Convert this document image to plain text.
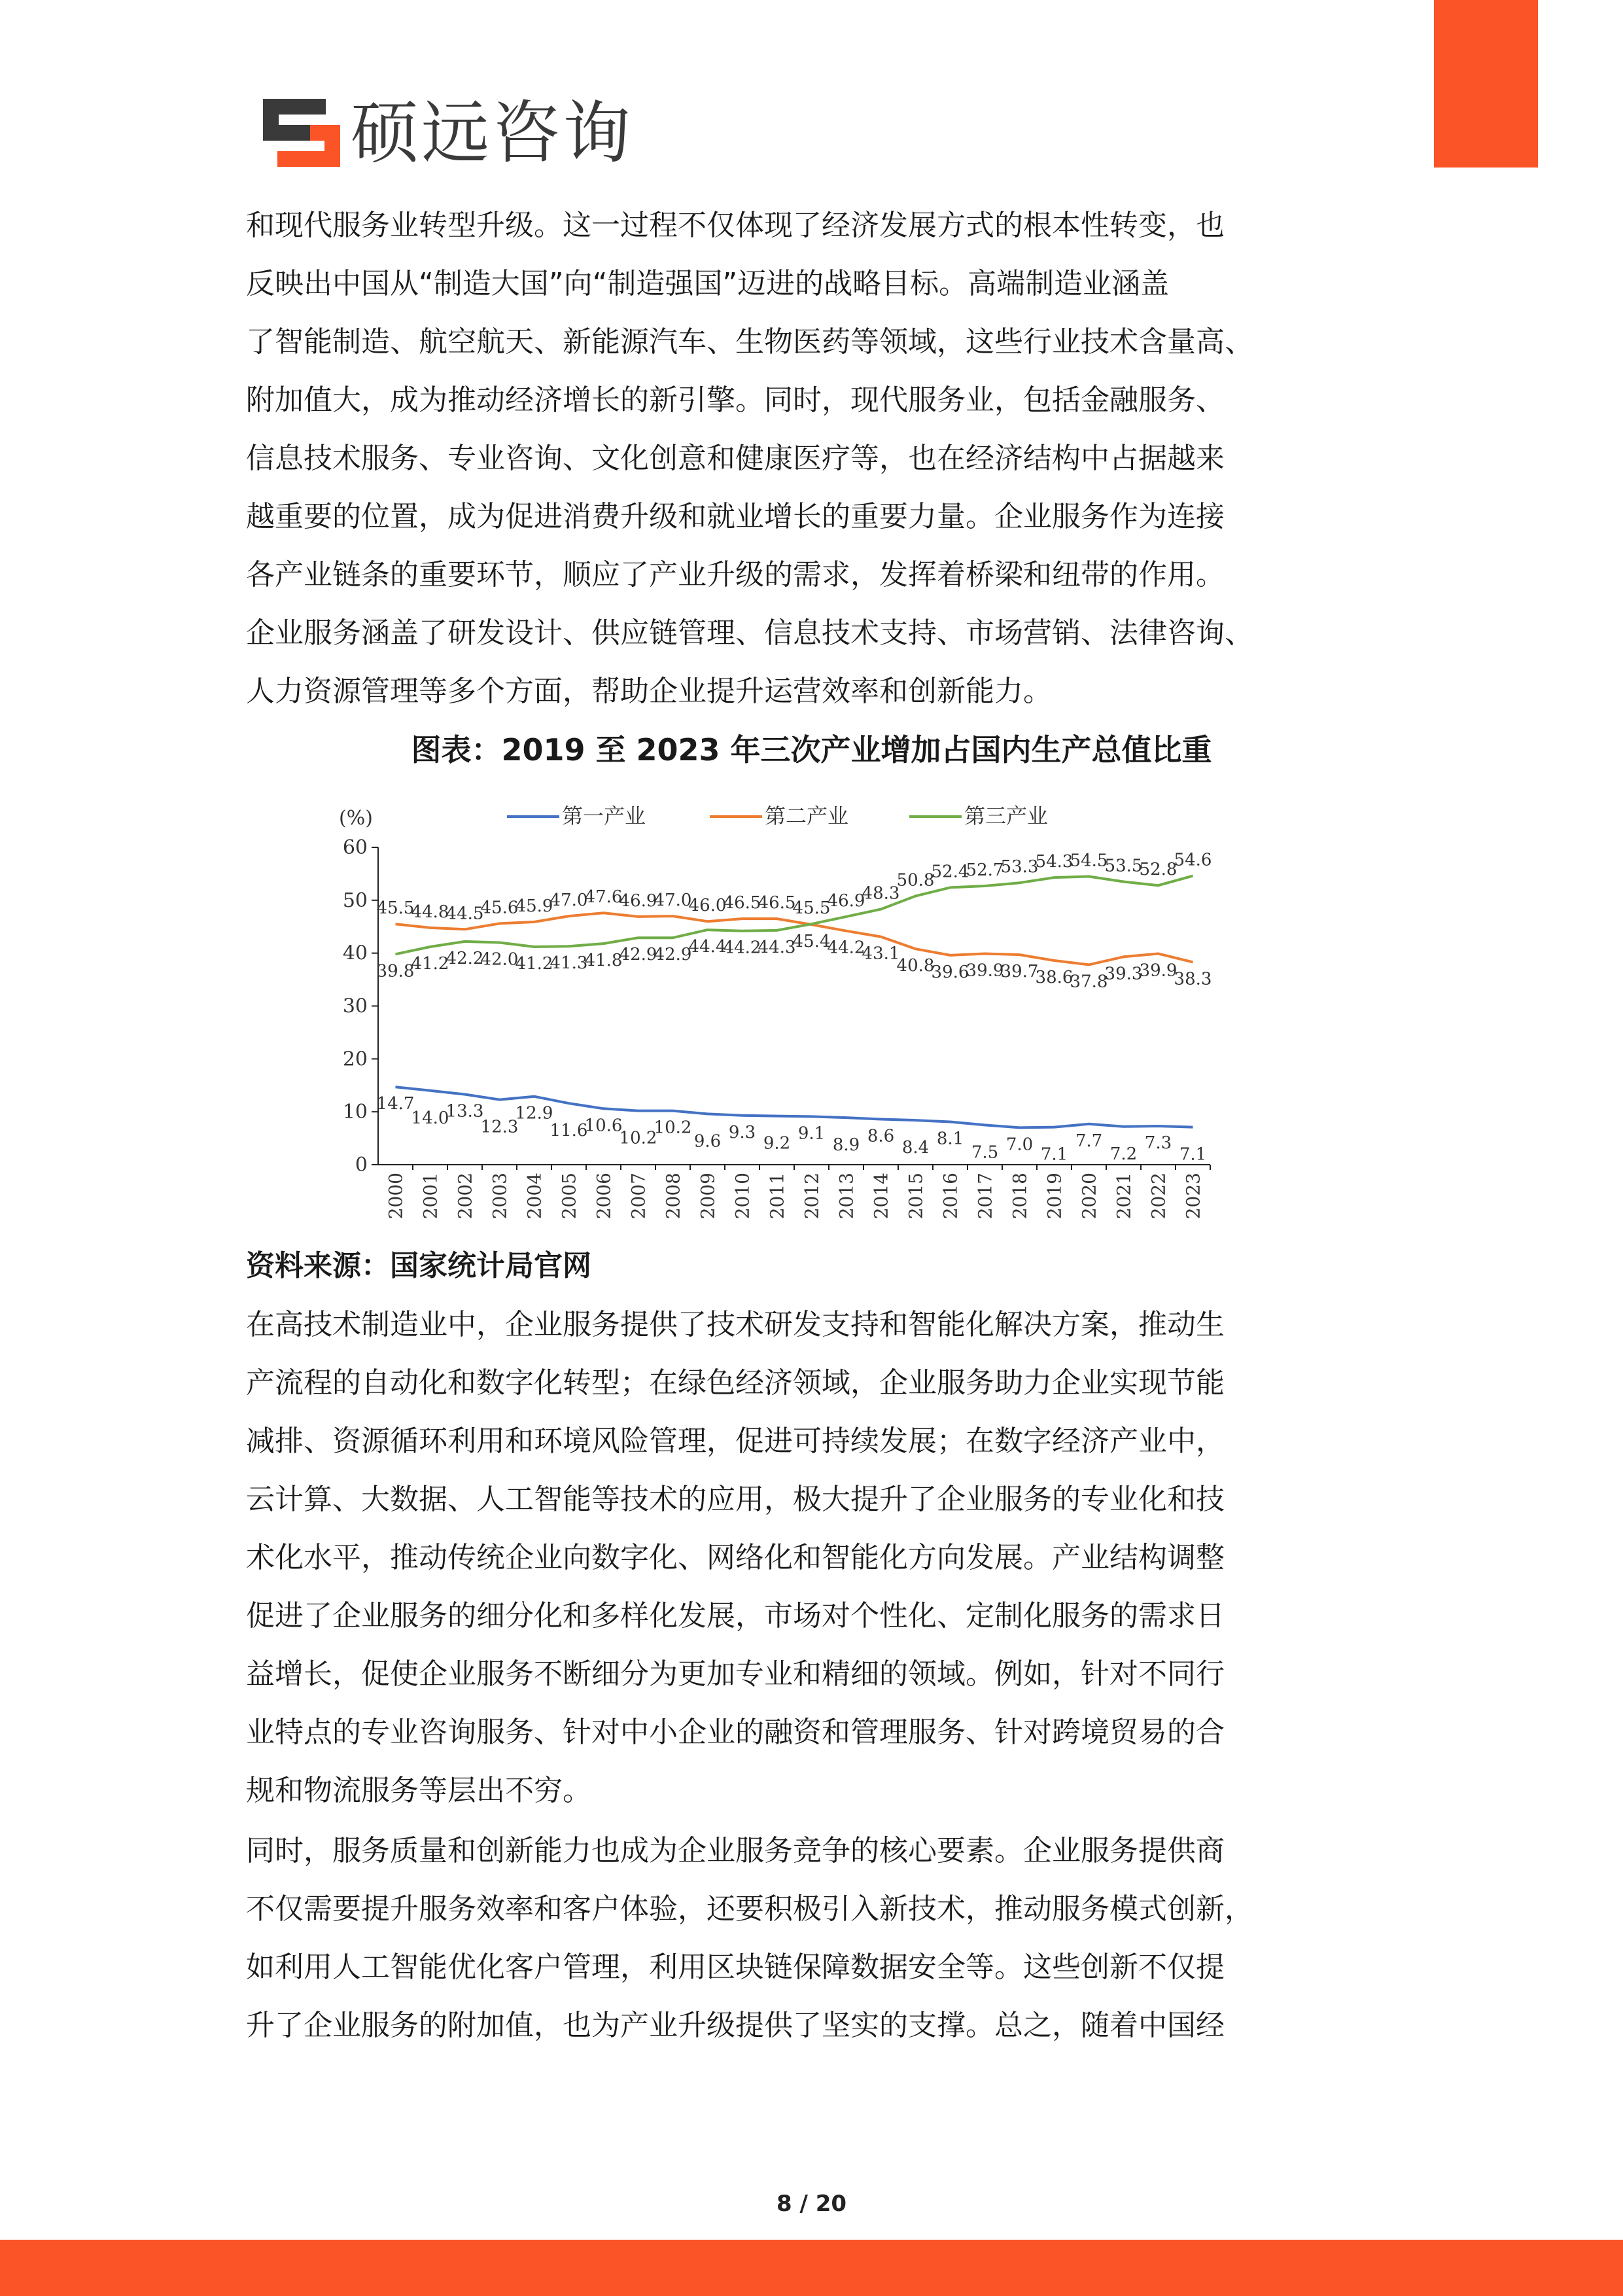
硕远咨询

和现代服务业转型升级。这一过程不仅体现了经济发展方式的根本性转变，也
反映出中国从“制造大国”向“制造强国”迈进的战略目标。高端制造业涵盖
了智能制造、航空航天、新能源汽车、生物医药等领域，这些行业技术含量高、
附加值大，成为推动经济增长的新引擎。同时，现代服务业，包括金融服务、
信息技术服务、专业咨询、文化创意和健康医疗等，也在经济结构中占据越来
越重要的位置，成为促进消费升级和就业增长的重要力量。企业服务作为连接
各产业链条的重要环节，顺应了产业升级的需求，发挥着桥梁和纽带的作用。
企业服务涵盖了研发设计、供应链管理、信息技术支持、市场营销、法律咨询、
人力资源管理等多个方面，帮助企业提升运营效率和创新能力。

图表：2019 至 2023 年三次产业增加占国内生产总值比重
第一产业	第二产业	第三产业
(%)
0
10
20
30
40
50
60
2000 2001 2002 2003 2004 2005 2006 2007 2008 2009 2010 2011 2012 2013 2014 2015 2016 2017 2018 2019 2020 2021 2022 2023
14.7
45.5
39.8
14.0
44.8
41.2
13.3
44.5
42.2
12.3
45.6
42.0
12.9
45.9
41.2
11.6
47.0
41.3
10.6
47.6
41.8
10.2
46.9
42.9
10.2
47.0
42.9
9.6
46.0
44.4
9.3
46.5
44.2
9.2
46.5
44.3
9.1
45.5
45.4
8.9
46.9
44.2
8.6
48.3
43.1
8.4
50.8
40.8
8.1
52.4
39.6
7.5
52.7
39.9
7.0
53.3
39.7
7.1
54.3
38.6
7.7
54.5
37.8
7.2
53.5
39.3
7.3
52.8
39.9
7.1
54.6
38.3

资料来源：国家统计局官网

在高技术制造业中，企业服务提供了技术研发支持和智能化解决方案，推动生
产流程的自动化和数字化转型；在绿色经济领域，企业服务助力企业实现节能
减排、资源循环利用和环境风险管理，促进可持续发展；在数字经济产业中，
云计算、大数据、人工智能等技术的应用，极大提升了企业服务的专业化和技
术化水平，推动传统企业向数字化、网络化和智能化方向发展。产业结构调整
促进了企业服务的细分化和多样化发展，市场对个性化、定制化服务的需求日
益增长，促使企业服务不断细分为更加专业和精细的领域。例如，针对不同行
业特点的专业咨询服务、针对中小企业的融资和管理服务、针对跨境贸易的合
规和物流服务等层出不穷。

同时，服务质量和创新能力也成为企业服务竞争的核心要素。企业服务提供商
不仅需要提升服务效率和客户体验，还要积极引入新技术，推动服务模式创新，
如利用人工智能优化客户管理，利用区块链保障数据安全等。这些创新不仅提
升了企业服务的附加值，也为产业升级提供了坚实的支撑。总之，随着中国经

8 / 20
